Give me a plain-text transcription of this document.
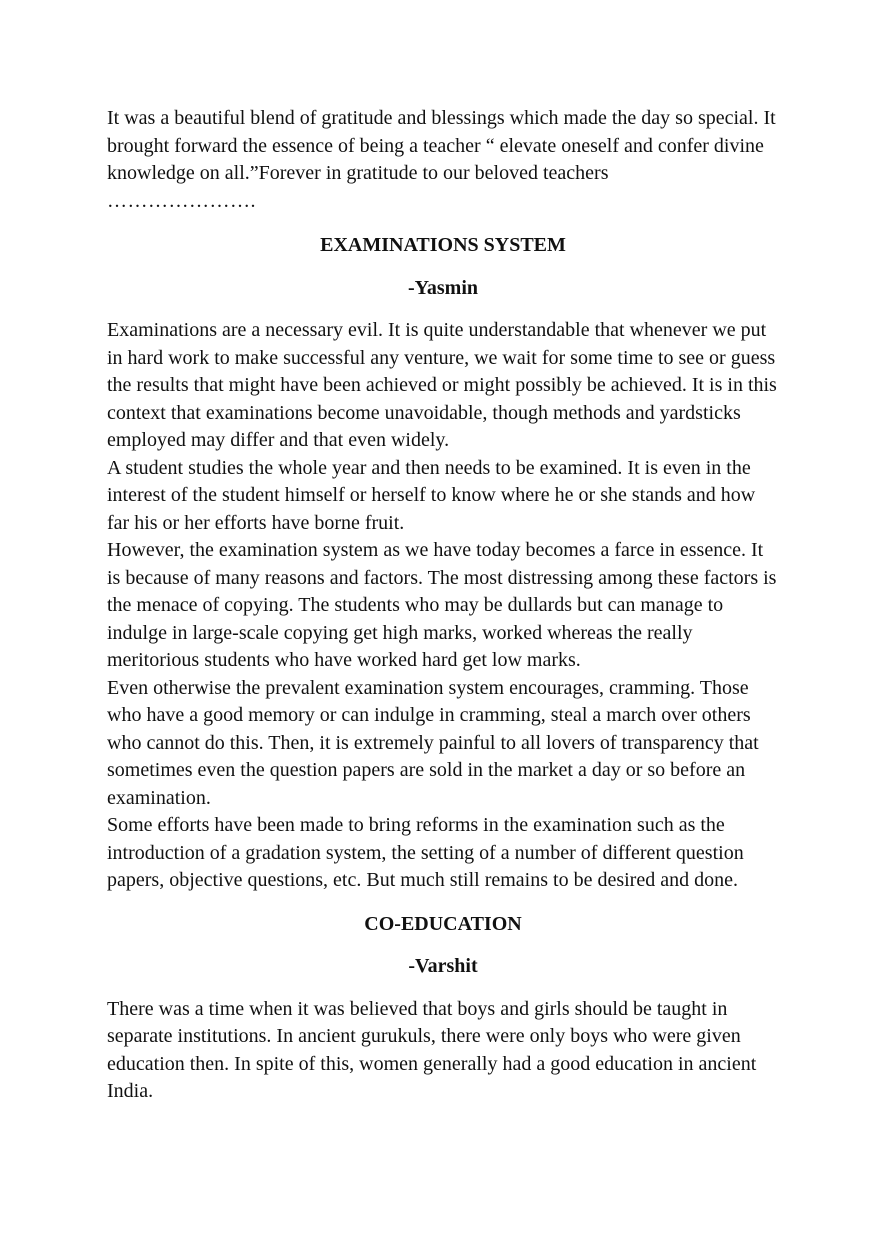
It was a beautiful blend of gratitude and blessings which made the day so special. It brought forward the essence of being a teacher “ elevate oneself and confer divine knowledge on all.”Forever in gratitude to our beloved teachers

………………….

EXAMINATIONS SYSTEM
-Yasmin

Examinations are a necessary evil. It is quite understandable that whenever we put in hard work to make successful any venture, we wait for some time to see or guess the results that might have been achieved or might possibly be achieved. It is in this context that examinations become unavoidable, though methods and yardsticks employed may differ and that even widely.

A student studies the whole year and then needs to be examined. It is even in the interest of the student himself or herself to know where he or she stands and how far his or her efforts have borne fruit.

However, the examination system as we have today becomes a farce in essence. It is because of many reasons and factors. The most distressing among these factors is the menace of copying. The students who may be dullards but can manage to indulge in large-scale copying get high marks, worked whereas the really meritorious students who have worked hard get low marks.

Even otherwise the prevalent examination system encourages, cramming. Those who have a good memory or can indulge in cramming, steal a march over others who cannot do this. Then, it is extremely painful to all lovers of transparency that sometimes even the question papers are sold in the market a day or so before an examination.

Some efforts have been made to bring reforms in the examination such as the introduction of a gradation system, the setting of a number of different question papers, objective questions, etc. But much still remains to be desired and done.

CO-EDUCATION
-Varshit

There was a time when it was believed that boys and girls should be taught in separate institutions. In ancient gurukuls, there were only boys who were given education then. In spite of this, women generally had a good education in ancient India.
